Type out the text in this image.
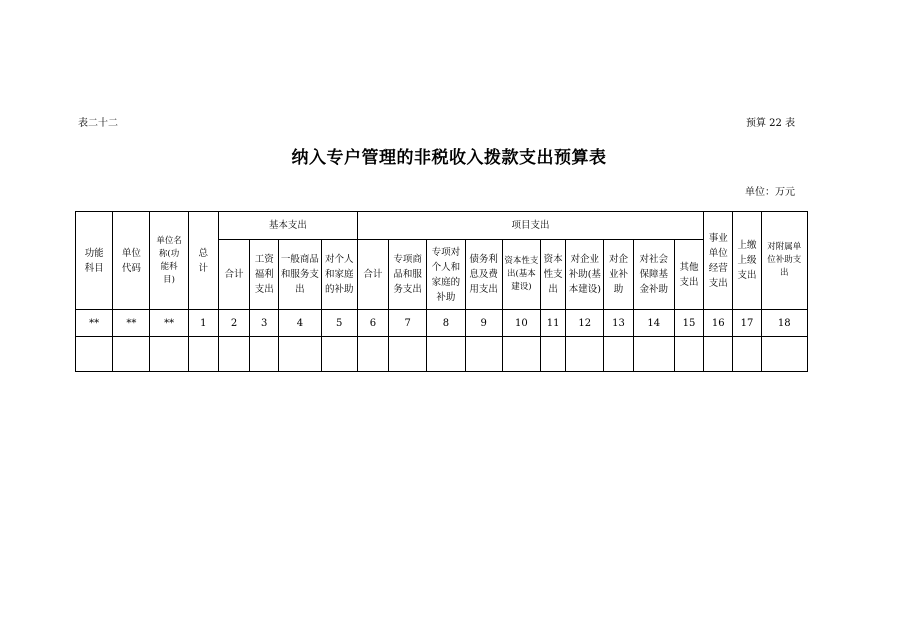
表二十二	预算 22 表
纳入专户管理的非税收入拨款支出预算表
单位：万元
功能科目	单位代码	单位名称(功能科目)	总计	基本支出				项目支出										事业单位经营支出	上缴上级支出	对附属单位补助支出

				合计	工资福利支出	一般商品和服务支出	对个人和家庭的补助	合计	专项商品和服务支出	专项对个人和家庭的补助	债务利息及费用支出	资本性支出(基本建设)	资本性支出	对企业补助(基本建设)	对企业补助	对社会保障基金补助	其他支出			

**	**	**	1	2	3	4	5	6	7	8	9	10	11	12	13	14	15	16	17	18
